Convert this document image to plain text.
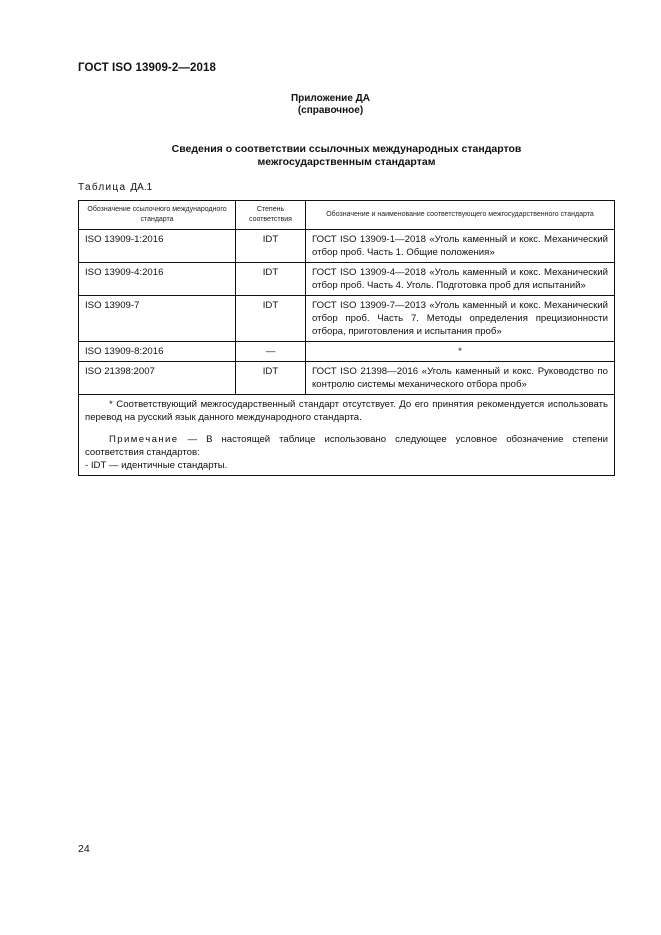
ГОСТ ISO 13909-2—2018
Приложение ДА
(справочное)
Сведения о соответствии ссылочных международных стандартов
межгосударственным стандартам
Таблица ДА.1
Обозначение ссылочного международного стандарта	Степень соответствия	Обозначение и наименование соответствующего межгосударственного стандарта
ISO 13909-1:2016	IDT	ГОСТ ISO 13909-1—2018 «Уголь каменный и кокс. Механический отбор проб. Часть 1. Общие положения»
ISO 13909-4:2016	IDT	ГОСТ ISO 13909-4—2018 «Уголь каменный и кокс. Механический отбор проб. Часть 4. Уголь. Подготовка проб для испытаний»
ISO 13909-7	IDT	ГОСТ ISO 13909-7—2013 «Уголь каменный и кокс. Механический отбор проб. Часть 7. Методы определения прецизионности отбора, приготовления и испытания проб»
ISO 13909-8:2016	—	*
ISO 21398:2007	IDT	ГОСТ ISO 21398—2016 «Уголь каменный и кокс. Руководство по контролю системы механического отбора проб»

* Соответствующий межгосударственный стандарт отсутствует. До его принятия рекомендуется использовать перевод на русский язык данного международного стандарта.
Примечание — В настоящей таблице использовано следующее условное обозначение степени соответствия стандартов:
- IDT — идентичные стандарты.		
24
